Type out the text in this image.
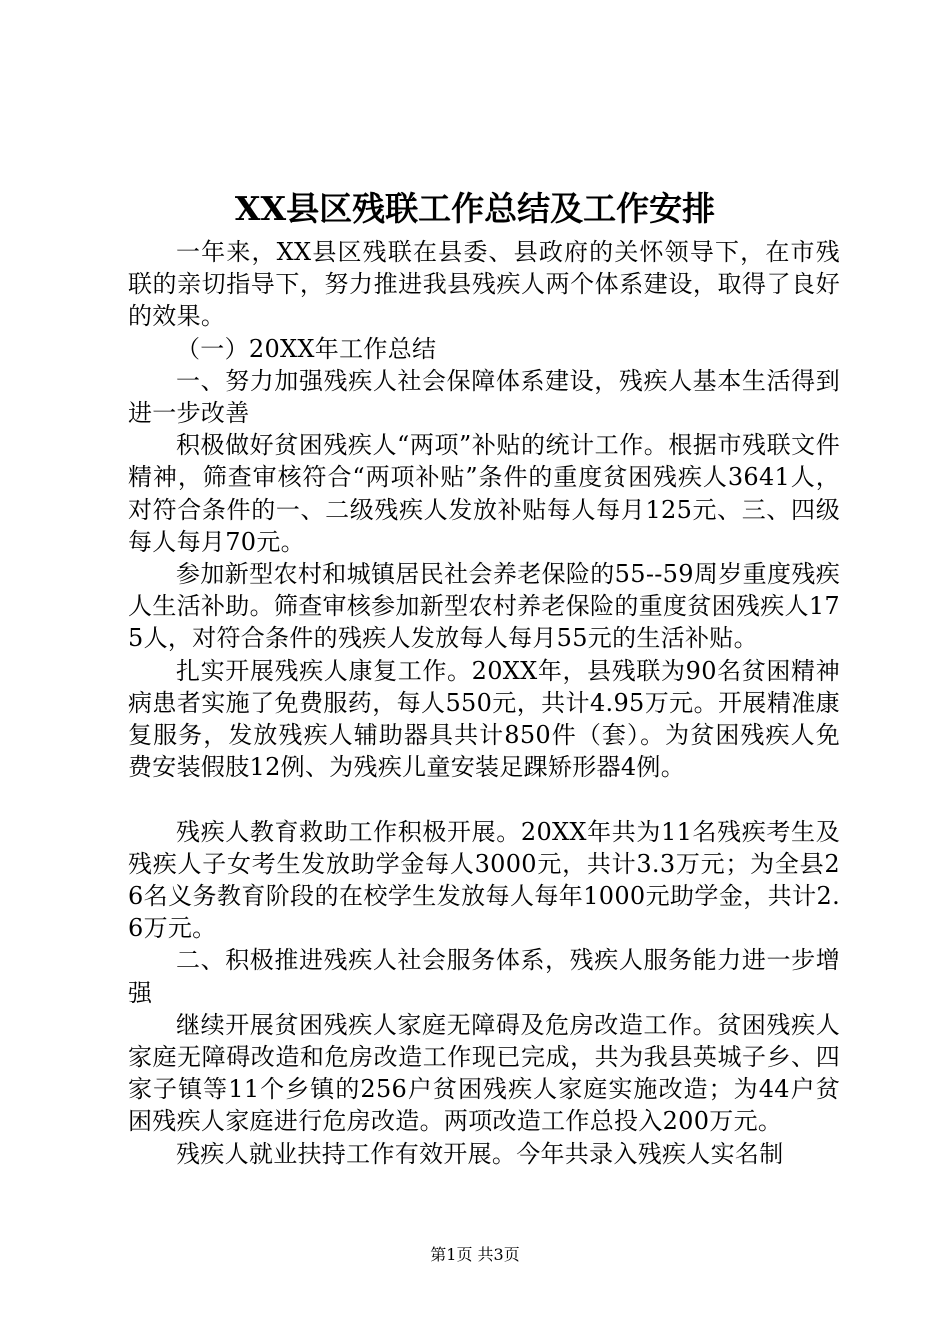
XX县区残联工作总结及工作安排

一年来，XX县区残联在县委、县政府的关怀领导下，在市残联的亲切指导下，努力推进我县残疾人两个体系建设，取得了良好的效果。

（一）20XX年工作总结

一、努力加强残疾人社会保障体系建设，残疾人基本生活得到进一步改善

积极做好贫困残疾人“两项”补贴的统计工作。根据市残联文件精神，筛查审核符合“两项补贴”条件的重度贫困残疾人3641人，对符合条件的一、二级残疾人发放补贴每人每月125元、三、四级每人每月70元。

参加新型农村和城镇居民社会养老保险的55--59周岁重度残疾人生活补助。筛查审核参加新型农村养老保险的重度贫困残疾人175人，对符合条件的残疾人发放每人每月55元的生活补贴。

扎实开展残疾人康复工作。20XX年，县残联为90名贫困精神病患者实施了免费服药，每人550元，共计4.95万元。开展精准康复服务，发放残疾人辅助器具共计850件（套）。为贫困残疾人免费安装假肢12例、为残疾儿童安装足踝矫形器4例。

残疾人教育救助工作积极开展。20XX年共为11名残疾考生及残疾人子女考生发放助学金每人3000元，共计3.3万元；为全县26名义务教育阶段的在校学生发放每人每年1000元助学金，共计2.6万元。

二、积极推进残疾人社会服务体系，残疾人服务能力进一步增强

继续开展贫困残疾人家庭无障碍及危房改造工作。贫困残疾人家庭无障碍改造和危房改造工作现已完成，共为我县英城子乡、四家子镇等11个乡镇的256户贫困残疾人家庭实施改造；为44户贫困残疾人家庭进行危房改造。两项改造工作总投入200万元。

残疾人就业扶持工作有效开展。今年共录入残疾人实名制

第1页 共3页
